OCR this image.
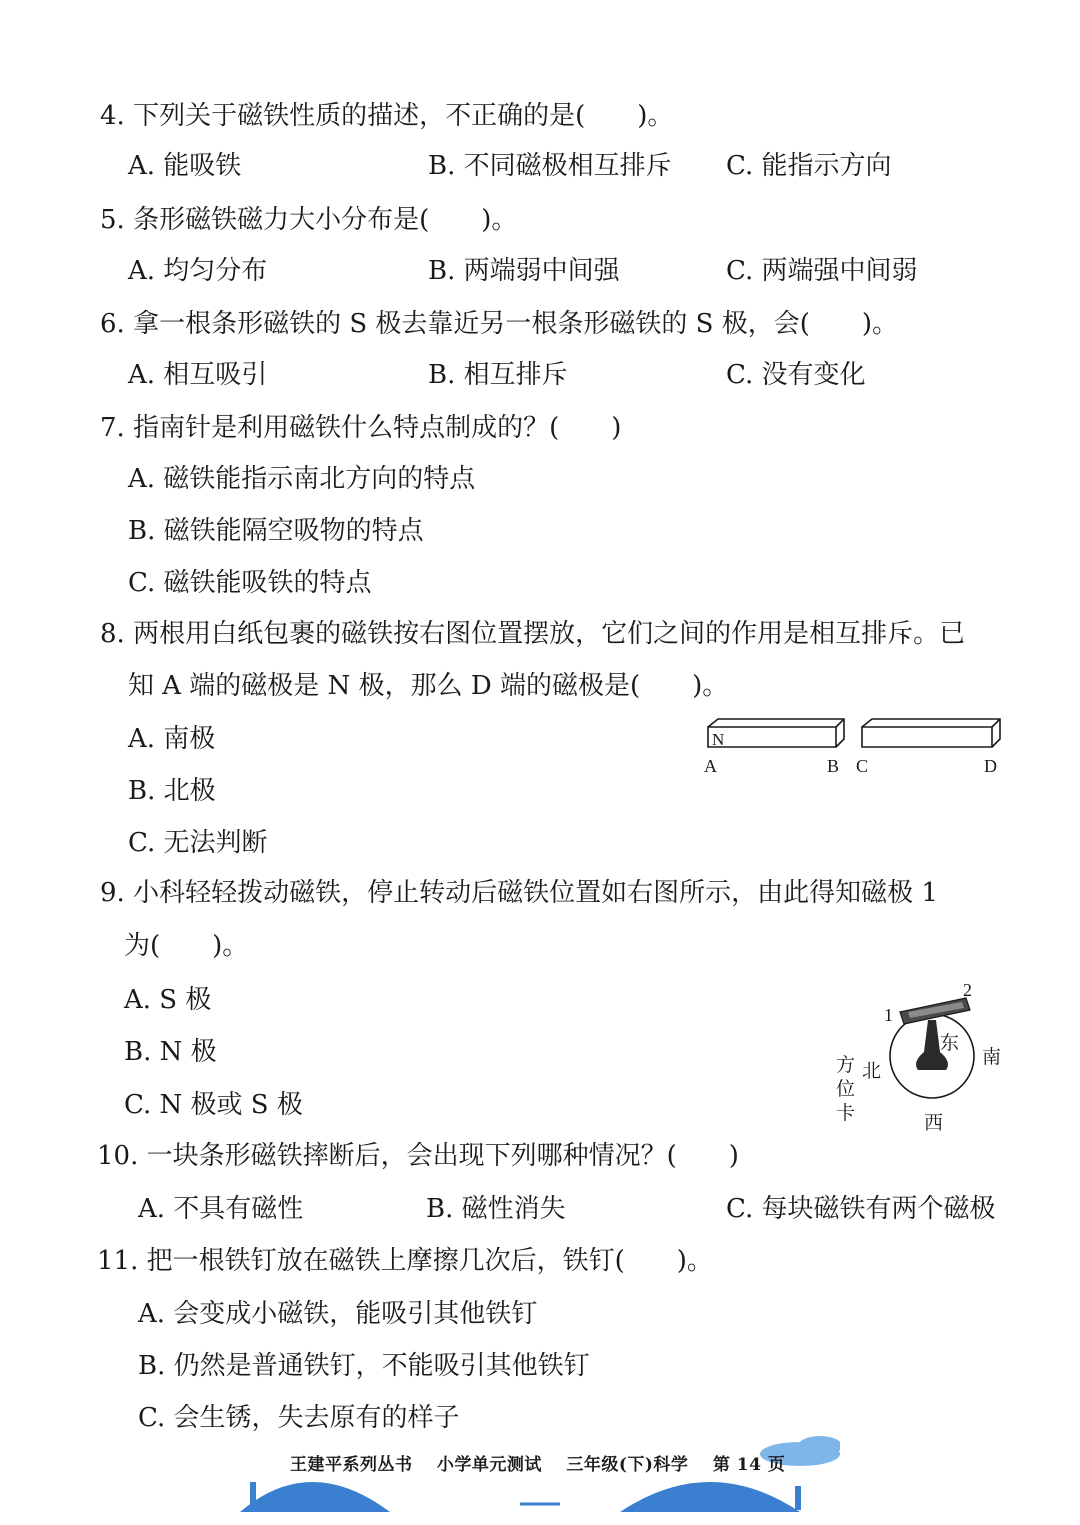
4. 下列关于磁铁性质的描述，不正确的是(　　)。
A. 能吸铁	B. 不同磁极相互排斥 C. 能指示方向
5. 条形磁铁磁力大小分布是(　　)。
A. 均匀分布	B. 两端弱中间强	C. 两端强中间弱
6. 拿一根条形磁铁的 S 极去靠近另一根条形磁铁的 S 极，会(　　)。
A. 相互吸引	B. 相互排斥	C. 没有变化
7. 指南针是利用磁铁什么特点制成的？(　　)
A. 磁铁能指示南北方向的特点
B. 磁铁能隔空吸物的特点
C. 磁铁能吸铁的特点
8. 两根用白纸包裹的磁铁按右图位置摆放，它们之间的作用是相互排斥。已
知 A 端的磁极是 N 极，那么 D 端的磁极是(　　)。
A. 南极
B. 北极
C. 无法判断
N
A	B C	D
9. 小科轻轻拨动磁铁，停止转动后磁铁位置如右图所示，由此得知磁极 1
为(　　)。
A. S 极
B. N 极
C. N 极或 S 极
1
2
东
南
北
西
方
位
卡
10. 一块条形磁铁摔断后，会出现下列哪种情况？(　　)
A. 不具有磁性	B. 磁性消失	C. 每块磁铁有两个磁极
11. 把一根铁钉放在磁铁上摩擦几次后，铁钉(　　)。
A. 会变成小磁铁，能吸引其他铁钉
B. 仍然是普通铁钉，不能吸引其他铁钉
C. 会生锈，失去原有的样子
王建平系列丛书 小学单元测试 三年级(下)科学 第 14 页
